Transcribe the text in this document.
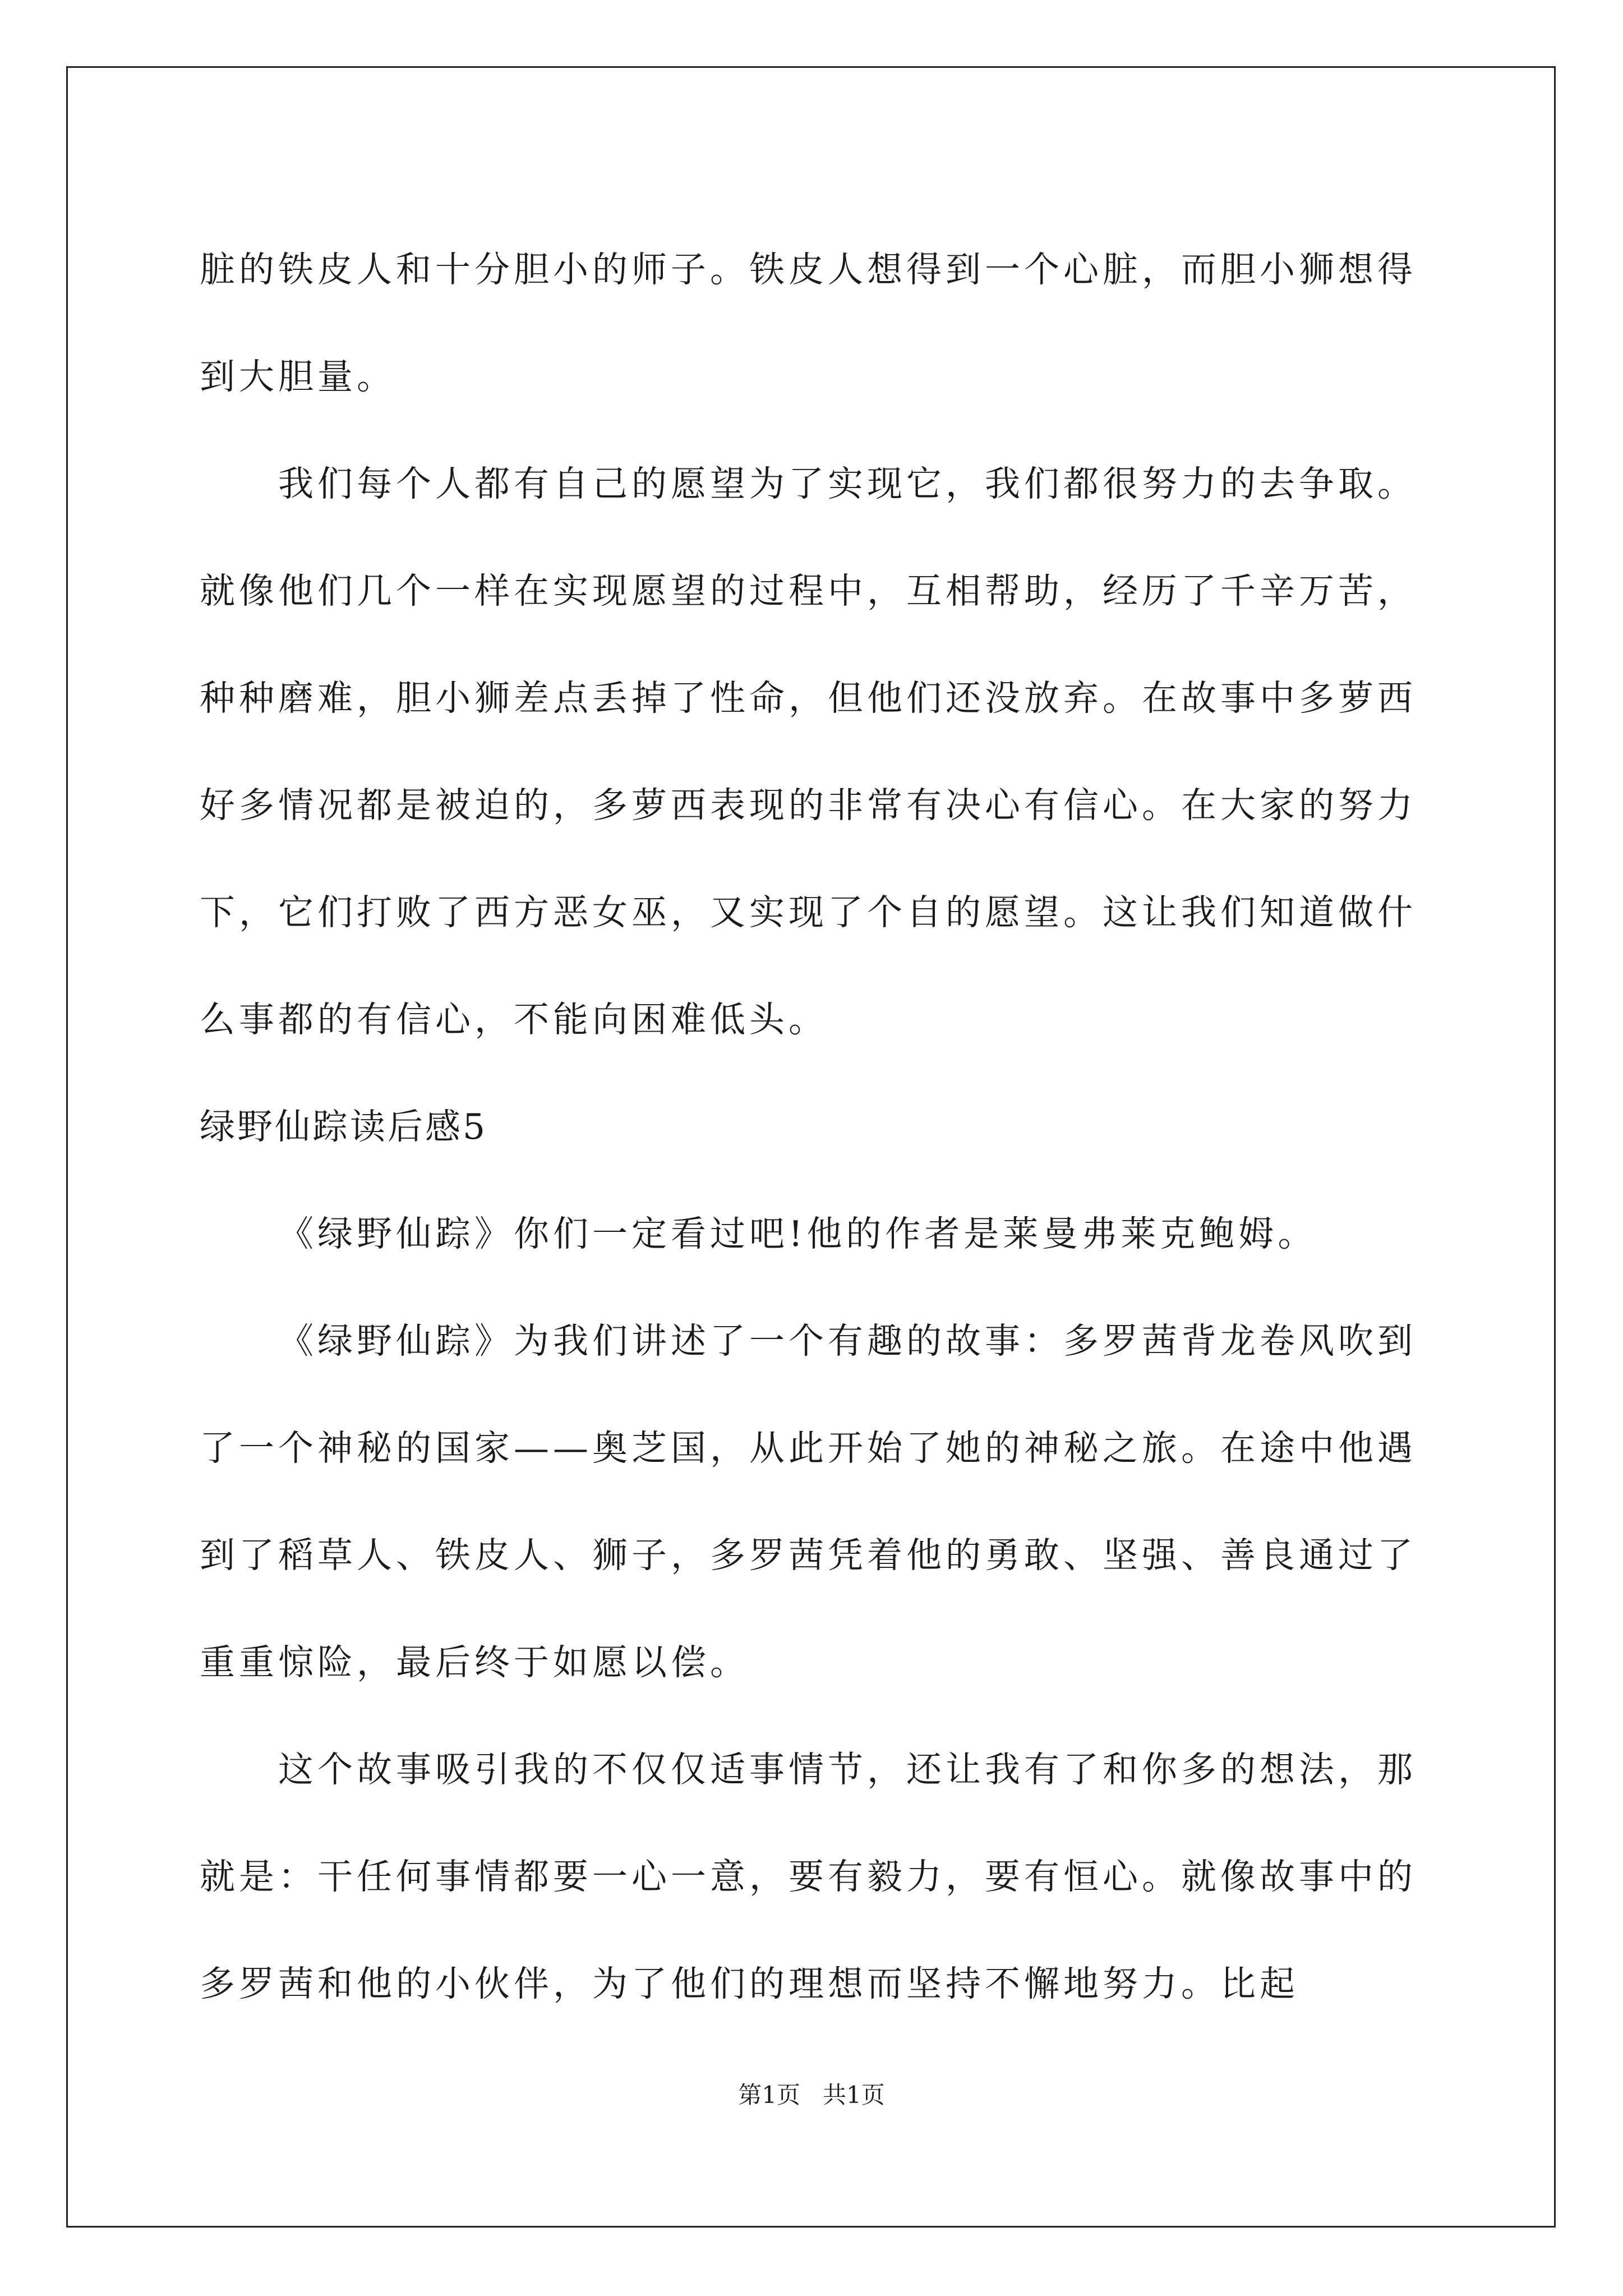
脏的铁皮人和十分胆小的师子。铁皮人想得到一个心脏，而胆小狮想得到大胆量。

我们每个人都有自己的愿望为了实现它，我们都很努力的去争取。就像他们几个一样在实现愿望的过程中，互相帮助，经历了千辛万苦，种种磨难，胆小狮差点丢掉了性命，但他们还没放弃。在故事中多萝西好多情况都是被迫的，多萝西表现的非常有决心有信心。在大家的努力下，它们打败了西方恶女巫，又实现了个自的愿望。这让我们知道做什么事都的有信心，不能向困难低头。

绿野仙踪读后感5

《绿野仙踪》你们一定看过吧!他的作者是莱曼弗莱克鲍姆。

《绿野仙踪》为我们讲述了一个有趣的故事：多罗茜背龙卷风吹到了一个神秘的国家——奥芝国，从此开始了她的神秘之旅。在途中他遇到了稻草人、铁皮人、狮子，多罗茜凭着他的勇敢、坚强、善良通过了重重惊险，最后终于如愿以偿。

这个故事吸引我的不仅仅适事情节，还让我有了和你多的想法，那就是：干任何事情都要一心一意，要有毅力，要有恒心。就像故事中的多罗茜和他的小伙伴，为了他们的理想而坚持不懈地努力。比起

第1页 共1页
